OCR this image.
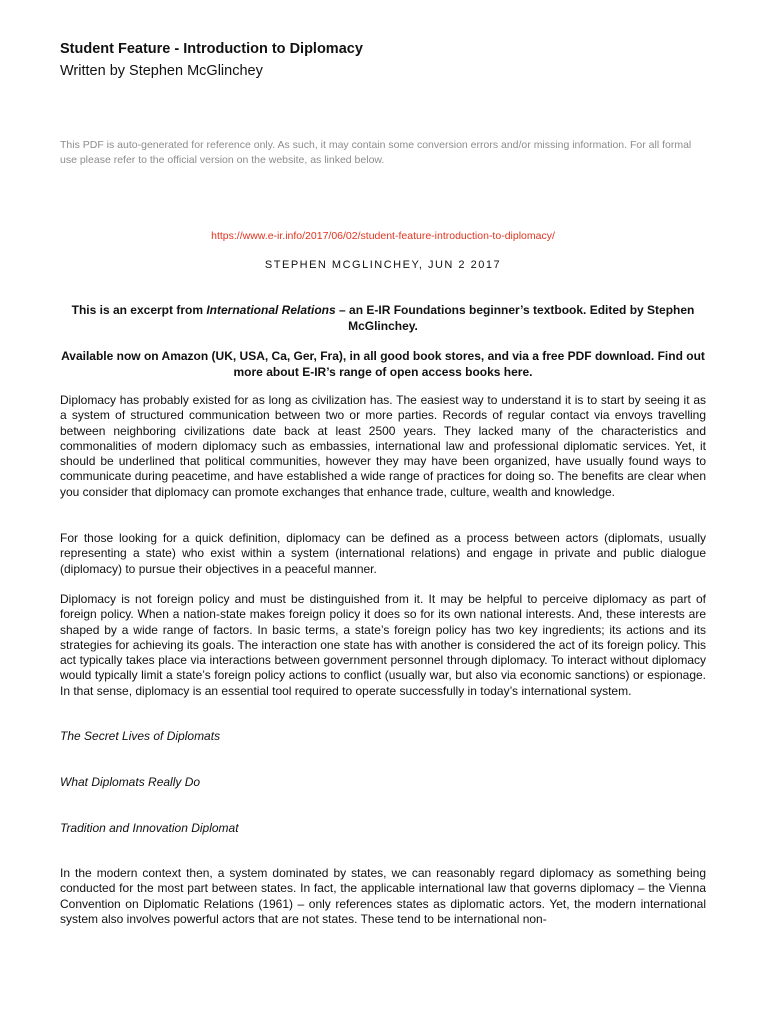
Student Feature - Introduction to Diplomacy
Written by Stephen McGlinchey
This PDF is auto-generated for reference only. As such, it may contain some conversion errors and/or missing information. For all formal use please refer to the official version on the website, as linked below.
https://www.e-ir.info/2017/06/02/student-feature-introduction-to-diplomacy/
STEPHEN MCGLINCHEY, JUN 2 2017
This is an excerpt from International Relations – an E-IR Foundations beginner’s textbook. Edited by Stephen McGlinchey.
Available now on Amazon (UK, USA, Ca, Ger, Fra), in all good book stores, and via a free PDF download. Find out more about E-IR’s range of open access books here.
Diplomacy has probably existed for as long as civilization has. The easiest way to understand it is to start by seeing it as a system of structured communication between two or more parties. Records of regular contact via envoys travelling between neighboring civilizations date back at least 2500 years. They lacked many of the characteristics and commonalities of modern diplomacy such as embassies, international law and professional diplomatic services. Yet, it should be underlined that political communities, however they may have been organized, have usually found ways to communicate during peacetime, and have established a wide range of practices for doing so. The benefits are clear when you consider that diplomacy can promote exchanges that enhance trade, culture, wealth and knowledge.
For those looking for a quick definition, diplomacy can be defined as a process between actors (diplomats, usually representing a state) who exist within a system (international relations) and engage in private and public dialogue (diplomacy) to pursue their objectives in a peaceful manner.
Diplomacy is not foreign policy and must be distinguished from it. It may be helpful to perceive diplomacy as part of foreign policy. When a nation-state makes foreign policy it does so for its own national interests. And, these interests are shaped by a wide range of factors. In basic terms, a state’s foreign policy has two key ingredients; its actions and its strategies for achieving its goals. The interaction one state has with another is considered the act of its foreign policy. This act typically takes place via interactions between government personnel through diplomacy. To interact without diplomacy would typically limit a state’s foreign policy actions to conflict (usually war, but also via economic sanctions) or espionage. In that sense, diplomacy is an essential tool required to operate successfully in today’s international system.
The Secret Lives of Diplomats
What Diplomats Really Do
Tradition and Innovation Diplomat
In the modern context then, a system dominated by states, we can reasonably regard diplomacy as something being conducted for the most part between states. In fact, the applicable international law that governs diplomacy – the Vienna Convention on Diplomatic Relations (1961) – only references states as diplomatic actors. Yet, the modern international system also involves powerful actors that are not states. These tend to be international non-
